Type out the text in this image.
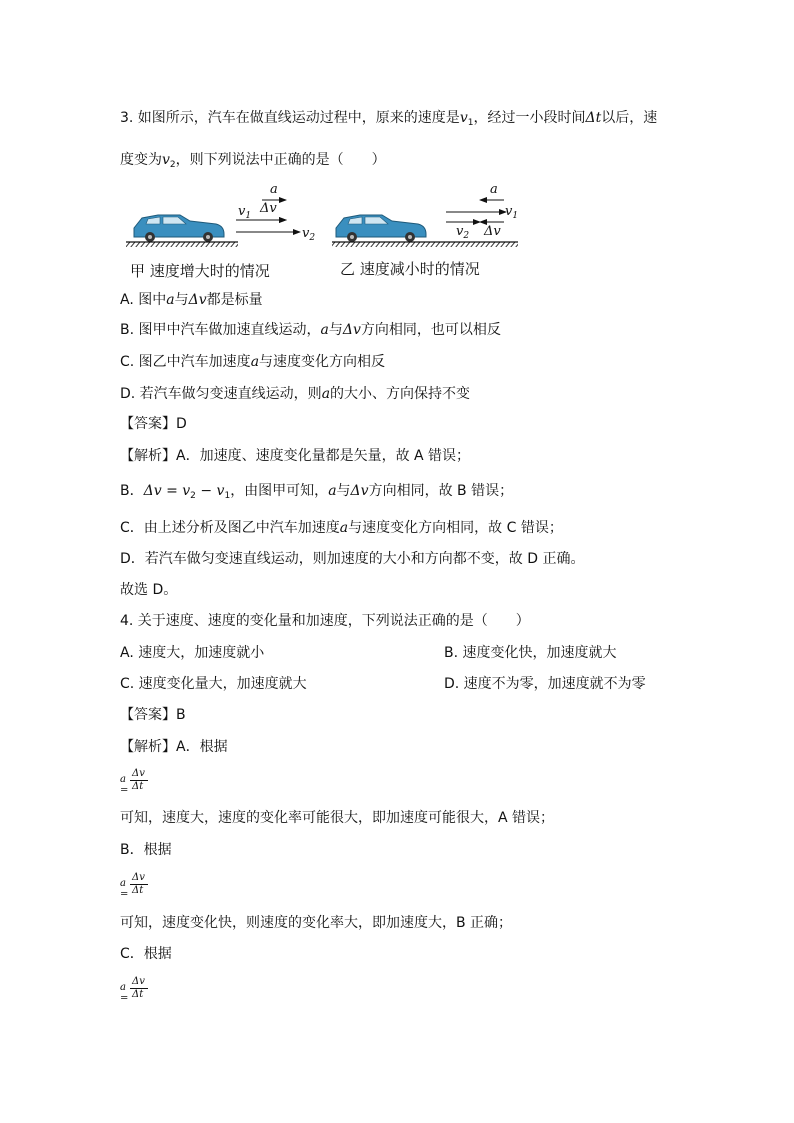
3. 如图所示，汽车在做直线运动过程中，原来的速度是$v_1$，经过一小段时间Δt以后，速
度变为$v_2$，则下列说法中正确的是（　　）
a
$v_1$ Δv
$v_2$
a
$v_1$
$v_2$ Δv
甲 速度增大时的情况	乙 速度减小时的情况
A. 图中a与Δv都是标量
B. 图甲中汽车做加速直线运动，a与Δv方向相同，也可以相反
C. 图乙中汽车加速度a与速度变化方向相反
D. 若汽车做匀变速直线运动，则a的大小、方向保持不变
【答案】D
【解析】A．加速度、速度变化量都是矢量，故 A 错误；
B．$\Delta v = v_2 - v_1$，由图甲可知，a与Δv方向相同，故 B 错误；
C．由上述分析及图乙中汽车加速度a与速度变化方向相同，故 C 错误；
D．若汽车做匀变速直线运动，则加速度的大小和方向都不变，故 D 正确。
故选 D。
4. 关于速度、速度的变化量和加速度，下列说法正确的是（　　）
A. 速度大，加速度就小	B. 速度变化快，加速度就大
C. 速度变化量大，加速度就大	D. 速度不为零，加速度就不为零
【答案】B
【解析】A．根据
a =
Δv
Δt
可知，速度大，速度的变化率可能很大，即加速度可能很大，A 错误；
B．根据
a =
Δv
Δt
可知，速度变化快，则速度的变化率大，即加速度大，B 正确；
C．根据
a =
Δv
Δt
